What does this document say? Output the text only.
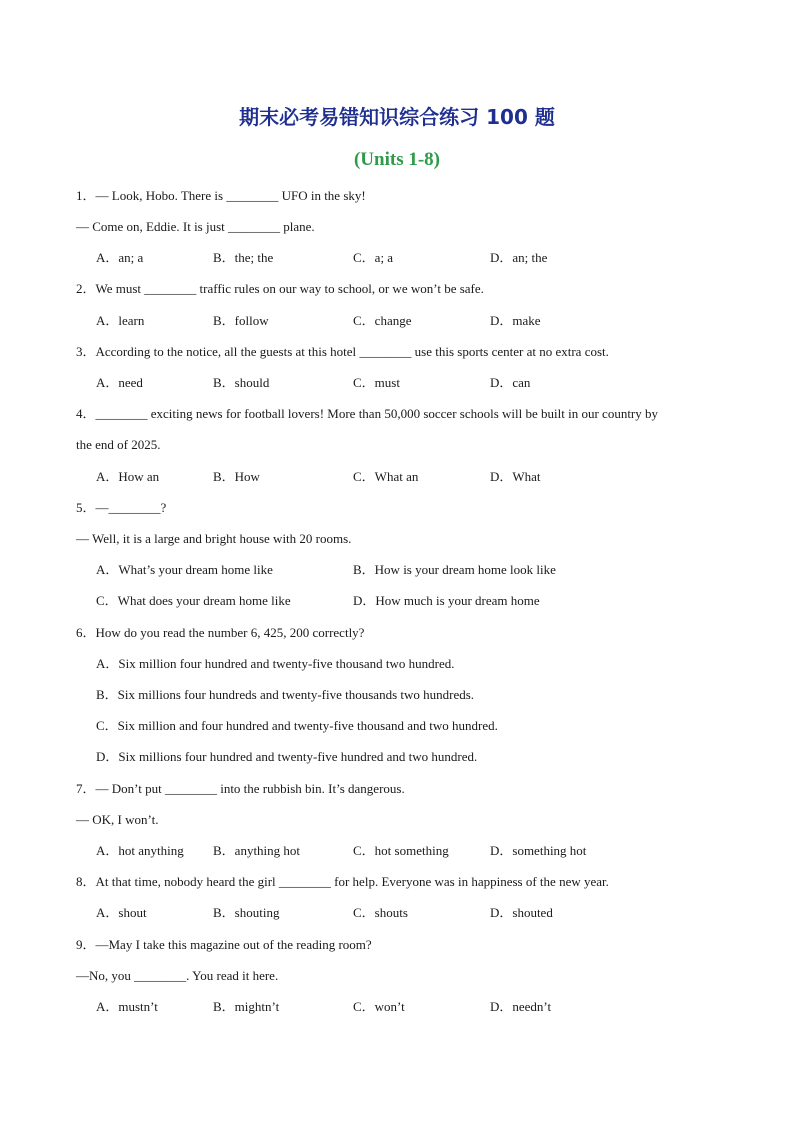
期末必考易错知识综合练习 100 题
(Units 1-8)
1．— Look, Hobo. There is ________ UFO in the sky!
— Come on, Eddie. It is just ________ plane.
A．an; a	B．the; the	C．a; a	D．an; the
2．We must ________ traffic rules on our way to school, or we won’t be safe.
A．learn	B．follow	C．change	D．make
3．According to the notice, all the guests at this hotel ________ use this sports center at no extra cost.
A．need	B．should	C．must	D．can
4．________ exciting news for football lovers! More than 50,000 soccer schools will be built in our country by
the end of 2025.
A．How an	B．How	C．What an	D．What
5．—________?
— Well, it is a large and bright house with 20 rooms.
A．What’s your dream home like	B．How is your dream home look like
C．What does your dream home like	D．How much is your dream home
6．How do you read the number 6, 425, 200 correctly?
A．Six million four hundred and twenty-five thousand two hundred.
B．Six millions four hundreds and twenty-five thousands two hundreds.
C．Six million and four hundred and twenty-five thousand and two hundred.
D．Six millions four hundred and twenty-five hundred and two hundred.
7．— Don’t put ________ into the rubbish bin. It’s dangerous.
— OK, I won’t.
A．hot anything B．anything hot	C．hot something	D．something hot
8．At that time, nobody heard the girl ________ for help. Everyone was in happiness of the new year.
A．shout	B．shouting	C．shouts	D．shouted
9．—May I take this magazine out of the reading room?
—No, you ________. You read it here.
A．mustn’t	B．mightn’t	C．won’t	D．needn’t
